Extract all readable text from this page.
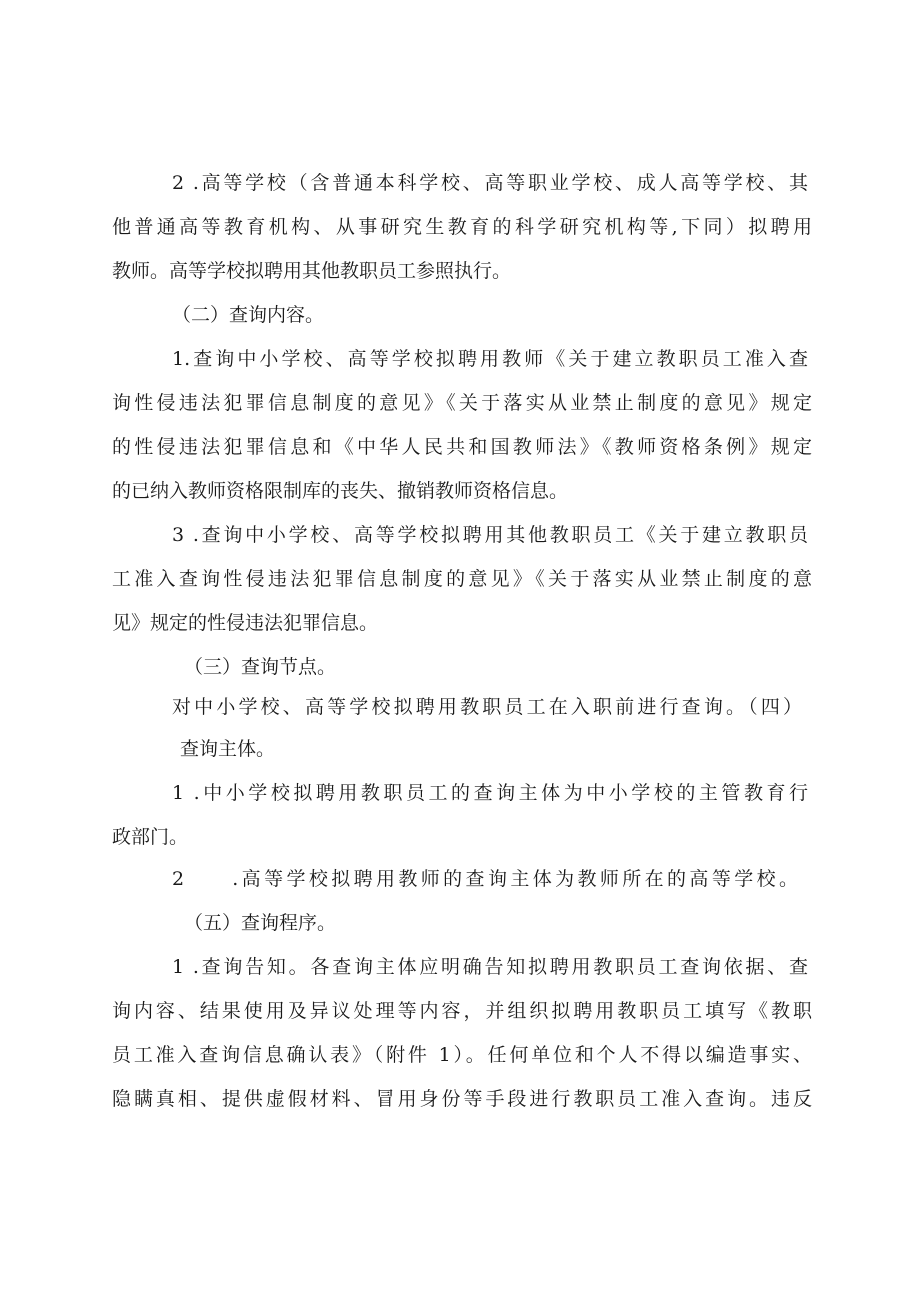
2 .高等学校（含普通本科学校、高等职业学校、成人高等学校、其
他普通高等教育机构、从事研究生教育的科学研究机构等,下同）拟聘用
教师。高等学校拟聘用其他教职员工参照执行。
（二）查询内容。
1.查询中小学校、高等学校拟聘用教师《关于建立教职员工准入查
询性侵违法犯罪信息制度的意见》《关于落实从业禁止制度的意见》规定
的性侵违法犯罪信息和《中华人民共和国教师法》《教师资格条例》规定
的已纳入教师资格限制库的丧失、撤销教师资格信息。
3 .查询中小学校、高等学校拟聘用其他教职员工《关于建立教职员
工准入查询性侵违法犯罪信息制度的意见》《关于落实从业禁止制度的意
见》规定的性侵违法犯罪信息。
（三）查询节点。
对中小学校、高等学校拟聘用教职员工在入职前进行查询。（四）
查询主体。
1 .中小学校拟聘用教职员工的查询主体为中小学校的主管教育行
政部门。
2　　.高等学校拟聘用教师的查询主体为教师所在的高等学校。
（五）查询程序。
1 .查询告知。各查询主体应明确告知拟聘用教职员工查询依据、查
询内容、结果使用及异议处理等内容，并组织拟聘用教职员工填写《教职
员工准入查询信息确认表》（附件 1）。任何单位和个人不得以编造事实、
隐瞒真相、提供虚假材料、冒用身份等手段进行教职员工准入查询。违反
